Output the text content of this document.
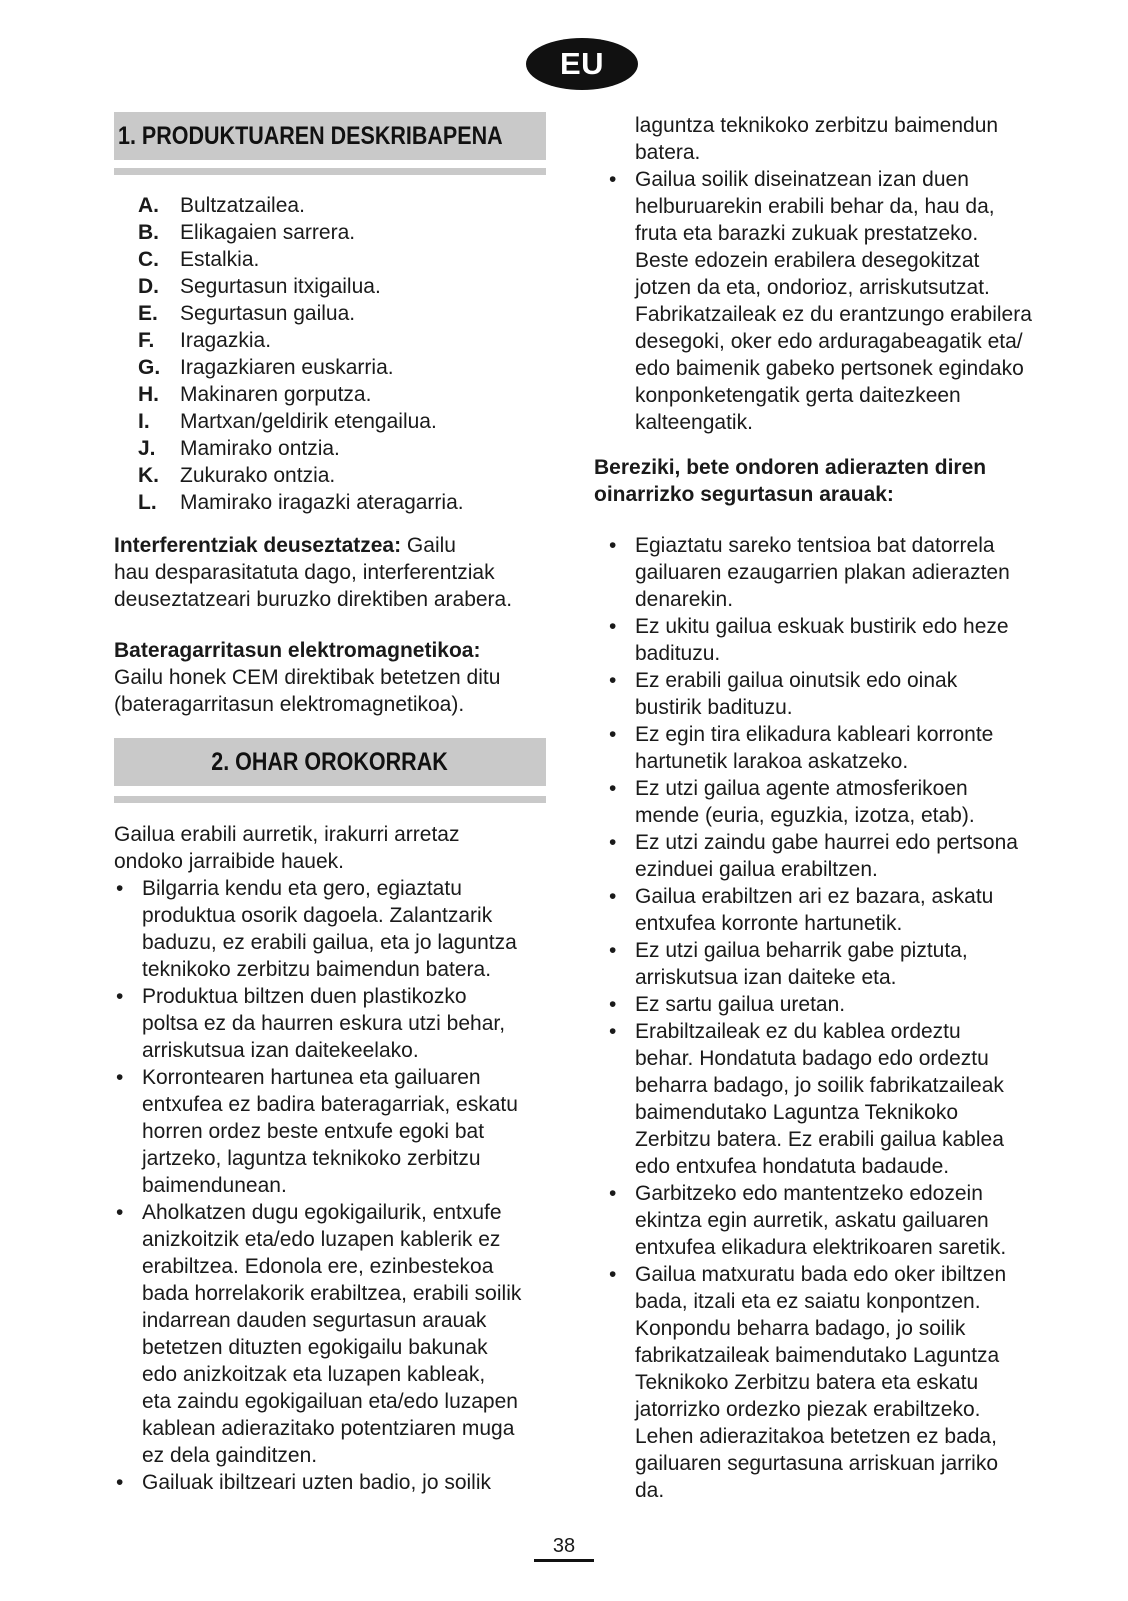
EU
1. PRODUKTUAREN DESKRIBAPENA
A.	Bultzatzailea.
B.	Elikagaien sarrera.
C.	Estalkia.
D.	Segurtasun itxigailua.
E.	Segurtasun gailua.
F.	Iragazkia.
G. Iragazkiaren euskarria.
H.	Makinaren gorputza.
I.	Martxan/geldirik etengailua.
J.	Mamirako ontzia.
K.	Zukurako ontzia.
L.	Mamirako iragazki ateragarria.
Interferentziak deuseztatzea: Gailu
hau desparasitatuta dago, interferentziak
deuseztatzeari buruzko direktiben arabera.
Bateragarritasun elektromagnetikoa:
Gailu honek CEM direktibak betetzen ditu
(bateragarritasun elektromagnetikoa).
2. OHAR OROKORRAK
Gailua erabili aurretik, irakurri arretaz
ondoko jarraibide hauek.
• Bilgarria kendu eta gero, egiaztatu
produktua osorik dagoela. Zalantzarik
baduzu, ez erabili gailua, eta jo laguntza
teknikoko zerbitzu baimendun batera.
• Produktua biltzen duen plastikozko
poltsa ez da haurren eskura utzi behar,
arriskutsua izan daitekeelako.
• Korrontearen hartunea eta gailuaren
entxufea ez badira bateragarriak, eskatu
horren ordez beste entxufe egoki bat
jartzeko, laguntza teknikoko zerbitzu
baimendunean.
• Aholkatzen dugu egokigailurik, entxufe
anizkoitzik eta/edo luzapen kablerik ez
erabiltzea. Edonola ere, ezinbestekoa
bada horrelakorik erabiltzea, erabili soilik
indarrean dauden segurtasun arauak
betetzen dituzten egokigailu bakunak
edo anizkoitzak eta luzapen kableak,
eta zaindu egokigailuan eta/edo luzapen
kablean adierazitako potentziaren muga
ez dela gainditzen.
• Gailuak ibiltzeari uzten badio, jo soilik
laguntza teknikoko zerbitzu baimendun
batera.
• Gailua soilik diseinatzean izan duen
helburuarekin erabili behar da, hau da,
fruta eta barazki zukuak prestatzeko.
Beste edozein erabilera desegokitzat
jotzen da eta, ondorioz, arriskutsutzat.
Fabrikatzaileak ez du erantzungo erabilera
desegoki, oker edo arduragabeagatik eta/
edo baimenik gabeko pertsonek egindako
konponketengatik gerta daitezkeen
kalteengatik.
Bereziki, bete ondoren adierazten diren
oinarrizko segurtasun arauak:
• Egiaztatu sareko tentsioa bat datorrela
gailuaren ezaugarrien plakan adierazten
denarekin.
• Ez ukitu gailua eskuak bustirik edo heze
badituzu.
• Ez erabili gailua oinutsik edo oinak
bustirik badituzu.
• Ez egin tira elikadura kableari korronte
hartunetik larakoa askatzeko.
• Ez utzi gailua agente atmosferikoen
mende (euria, eguzkia, izotza, etab).
• Ez utzi zaindu gabe haurrei edo pertsona
ezinduei gailua erabiltzen.
• Gailua erabiltzen ari ez bazara, askatu
entxufea korronte hartunetik.
• Ez utzi gailua beharrik gabe piztuta,
arriskutsua izan daiteke eta.
• Ez sartu gailua uretan.
• Erabiltzaileak ez du kablea ordeztu
behar. Hondatuta badago edo ordeztu
beharra badago, jo soilik fabrikatzaileak
baimendutako Laguntza Teknikoko
Zerbitzu batera. Ez erabili gailua kablea
edo entxufea hondatuta badaude.
• Garbitzeko edo mantentzeko edozein
ekintza egin aurretik, askatu gailuaren
entxufea elikadura elektrikoaren saretik.
• Gailua matxuratu bada edo oker ibiltzen
bada, itzali eta ez saiatu konpontzen.
Konpondu beharra badago, jo soilik
fabrikatzaileak baimendutako Laguntza
Teknikoko Zerbitzu batera eta eskatu
jatorrizko ordezko piezak erabiltzeko.
Lehen adierazitakoa betetzen ez bada,
gailuaren segurtasuna arriskuan jarriko
da.
38
